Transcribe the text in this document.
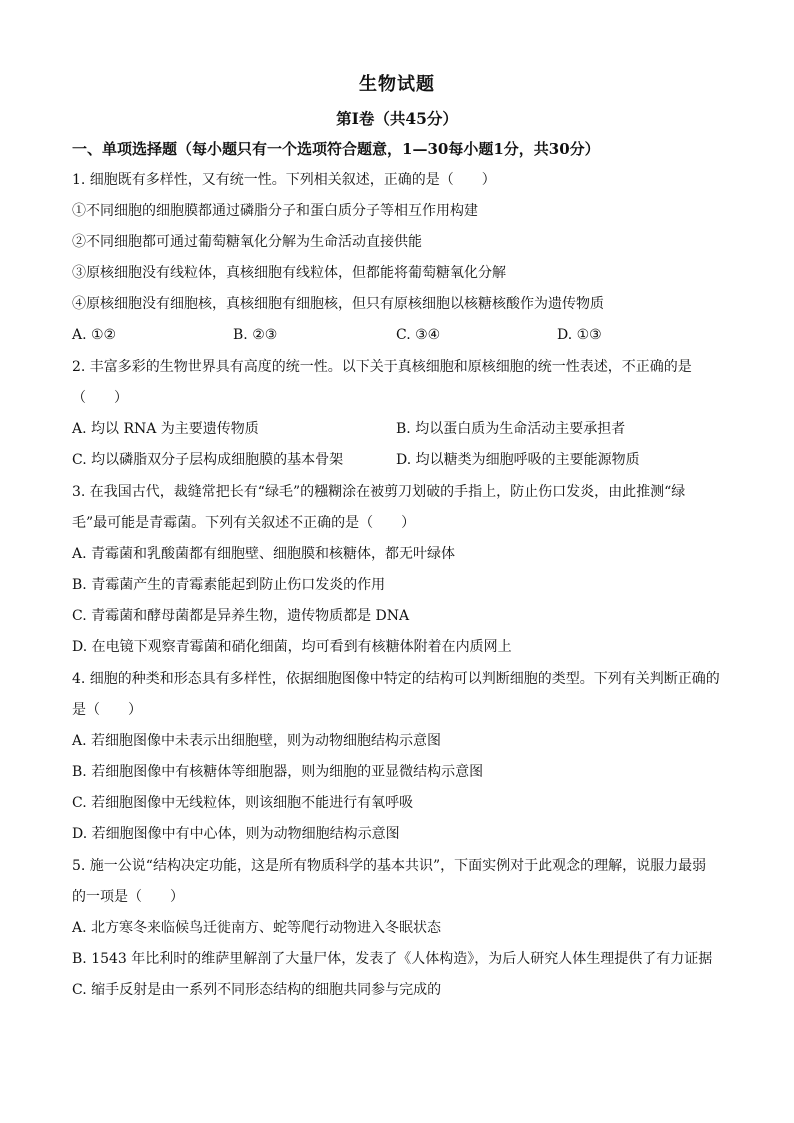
生物试题
第Ⅰ卷（共45分）
一、单项选择题（每小题只有一个选项符合题意，1—30每小题1分，共30分）
1. 细胞既有多样性，又有统一性。下列相关叙述，正确的是（　　）
①不同细胞的细胞膜都通过磷脂分子和蛋白质分子等相互作用构建
②不同细胞都可通过葡萄糖氧化分解为生命活动直接供能
③原核细胞没有线粒体，真核细胞有线粒体，但都能将葡萄糖氧化分解
④原核细胞没有细胞核，真核细胞有细胞核，但只有原核细胞以核糖核酸作为遗传物质
A. ①②	B. ②③	C. ③④	D. ①③
2. 丰富多彩的生物世界具有高度的统一性。以下关于真核细胞和原核细胞的统一性表述，不正确的是
（　　）
A. 均以 RNA 为主要遗传物质	B. 均以蛋白质为生命活动主要承担者
C. 均以磷脂双分子层构成细胞膜的基本骨架	D. 均以糖类为细胞呼吸的主要能源物质
3. 在我国古代，裁缝常把长有“绿毛”的糨糊涂在被剪刀划破的手指上，防止伤口发炎，由此推测“绿
毛”最可能是青霉菌。下列有关叙述不正确的是（　　）
A. 青霉菌和乳酸菌都有细胞壁、细胞膜和核糖体，都无叶绿体
B. 青霉菌产生的青霉素能起到防止伤口发炎的作用
C. 青霉菌和酵母菌都是异养生物，遗传物质都是 DNA
D. 在电镜下观察青霉菌和硝化细菌，均可看到有核糖体附着在内质网上
4. 细胞的种类和形态具有多样性，依据细胞图像中特定的结构可以判断细胞的类型。下列有关判断正确的
是（　　）
A. 若细胞图像中未表示出细胞壁，则为动物细胞结构示意图
B. 若细胞图像中有核糖体等细胞器，则为细胞的亚显微结构示意图
C. 若细胞图像中无线粒体，则该细胞不能进行有氧呼吸
D. 若细胞图像中有中心体，则为动物细胞结构示意图
5. 施一公说“结构决定功能，这是所有物质科学的基本共识”，下面实例对于此观念的理解，说服力最弱
的一项是（　　）
A. 北方寒冬来临候鸟迁徙南方、蛇等爬行动物进入冬眠状态
B. 1543 年比利时的维萨里解剖了大量尸体，发表了《人体构造》，为后人研究人体生理提供了有力证据
C. 缩手反射是由一系列不同形态结构的细胞共同参与完成的
